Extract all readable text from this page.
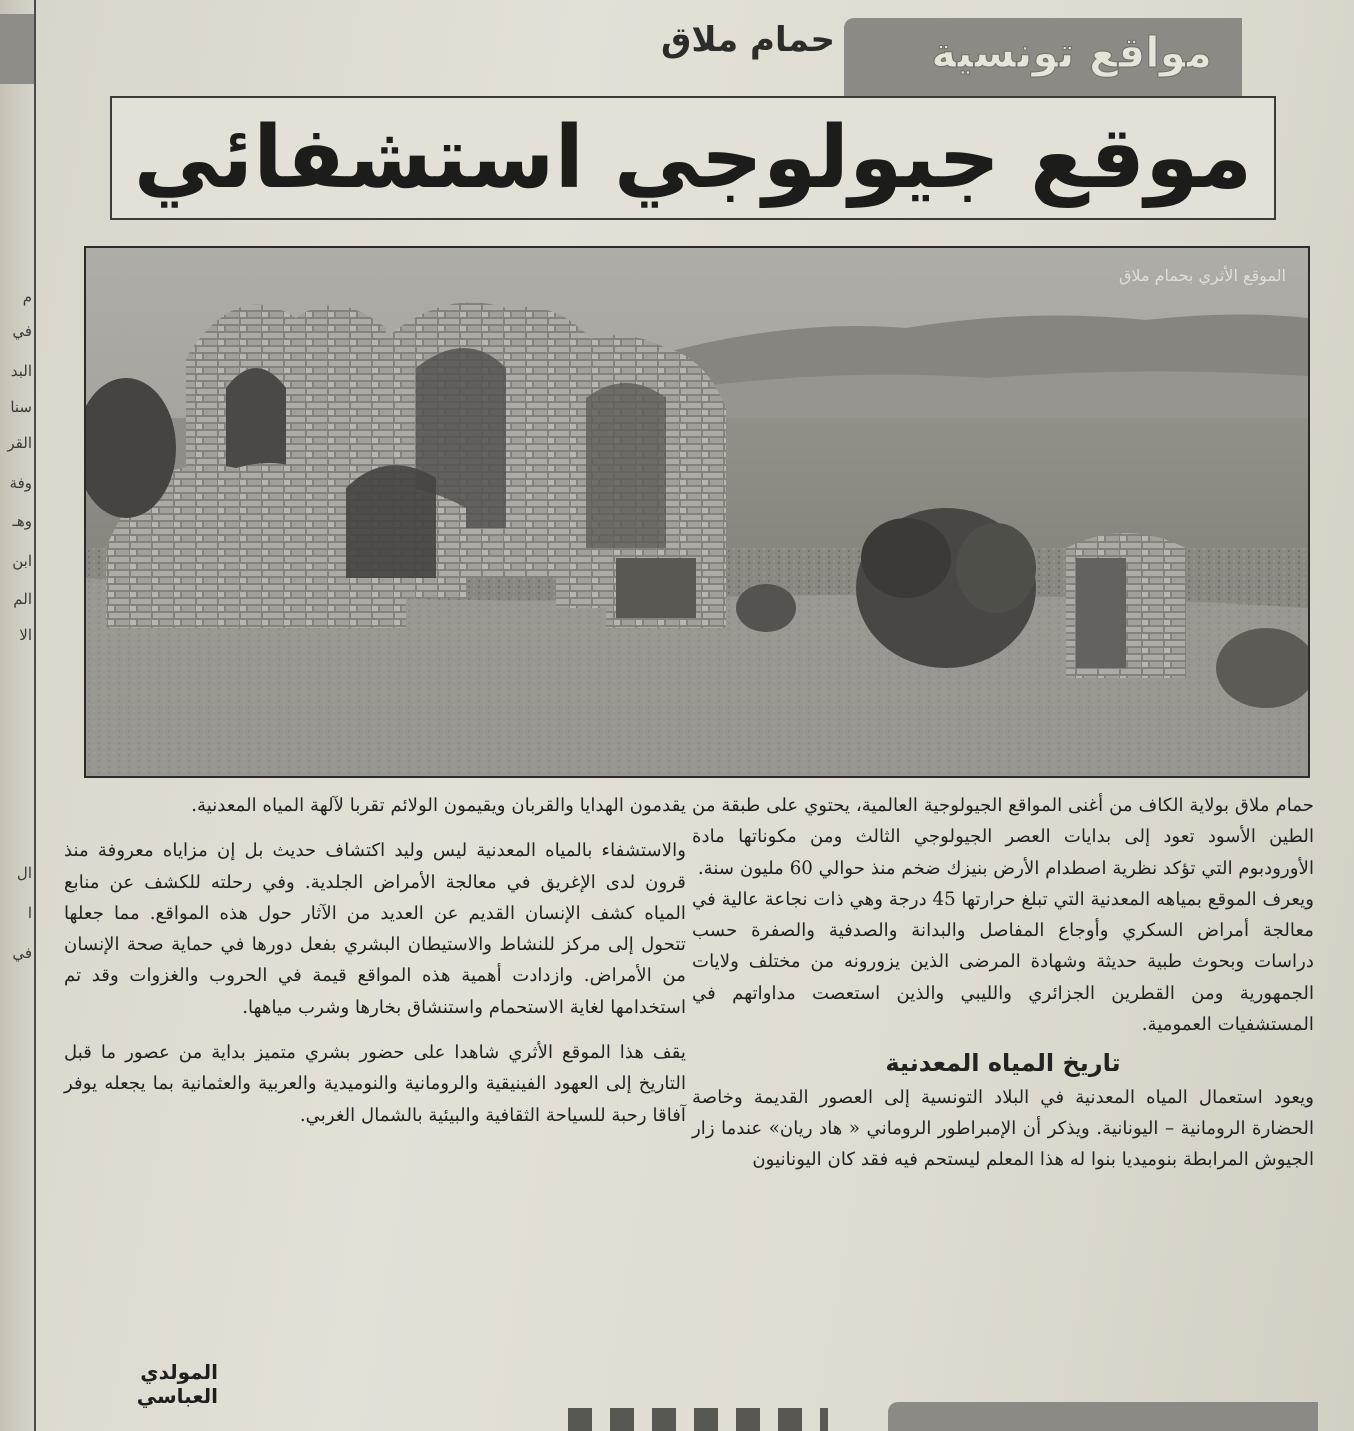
مواقع تونسية
حمام ملاق
موقع جيولوجي استشفائي
الموقع الأثري بحمام ملاق

حمام ملاق بولاية الكاف من أغنى المواقع الجيولوجية العالمية، يحتوي على طبقة من الطين الأسود تعود إلى بدايات العصر الجيولوجي الثالث ومن مكوناتها مادة الأورودبوم التي تؤكد نظرية اصطدام الأرض بنيزك ضخم منذ حوالي 60 مليون سنة.

ويعرف الموقع بمياهه المعدنية التي تبلغ حرارتها 45 درجة وهي ذات نجاعة عالية في معالجة أمراض السكري وأوجاع المفاصل والبدانة والصدفية والصفرة حسب دراسات وبحوث طبية حديثة وشهادة المرضى الذين يزورونه من مختلف ولايات الجمهورية ومن القطرين الجزائري والليبي والذين استعصت مداواتهم في المستشفيات العمومية.

تاريخ المياه المعدنية

ويعود استعمال المياه المعدنية في البلاد التونسية إلى العصور القديمة وخاصة الحضارة الرومانية – اليونانية. ويذكر أن الإمبراطور الروماني « هاد ريان» عندما زار الجيوش المرابطة بنوميديا بنوا له هذا المعلم ليستحم فيه فقد كان اليونانيون

يقدمون الهدايا والقربان ويقيمون الولائم تقربا لآلهة المياه المعدنية.

والاستشفاء بالمياه المعدنية ليس وليد اكتشاف حديث بل إن مزاياه معروفة منذ قرون لدى الإغريق في معالجة الأمراض الجلدية. وفي رحلته للكشف عن منابع المياه كشف الإنسان القديم عن العديد من الآثار حول هذه المواقع. مما جعلها تتحول إلى مركز للنشاط والاستيطان البشري بفعل دورها في حماية صحة الإنسان من الأمراض. وازدادت أهمية هذه المواقع قيمة في الحروب والغزوات وقد تم استخدامها لغاية الاستحمام واستنشاق بخارها وشرب مياهها.

يقف هذا الموقع الأثري شاهدا على حضور بشري متميز بداية من عصور ما قبل التاريخ إلى العهود الفينيقية والرومانية والنوميدية والعربية والعثمانية بما يجعله يوفر آفاقا رحبة للسياحة الثقافية والبيئية بالشمال الغربي.

المولدي العباسي
م
في
البد
سنا
القر
وفة
وهـ
ابن
الم
الا
ال
ا
في
